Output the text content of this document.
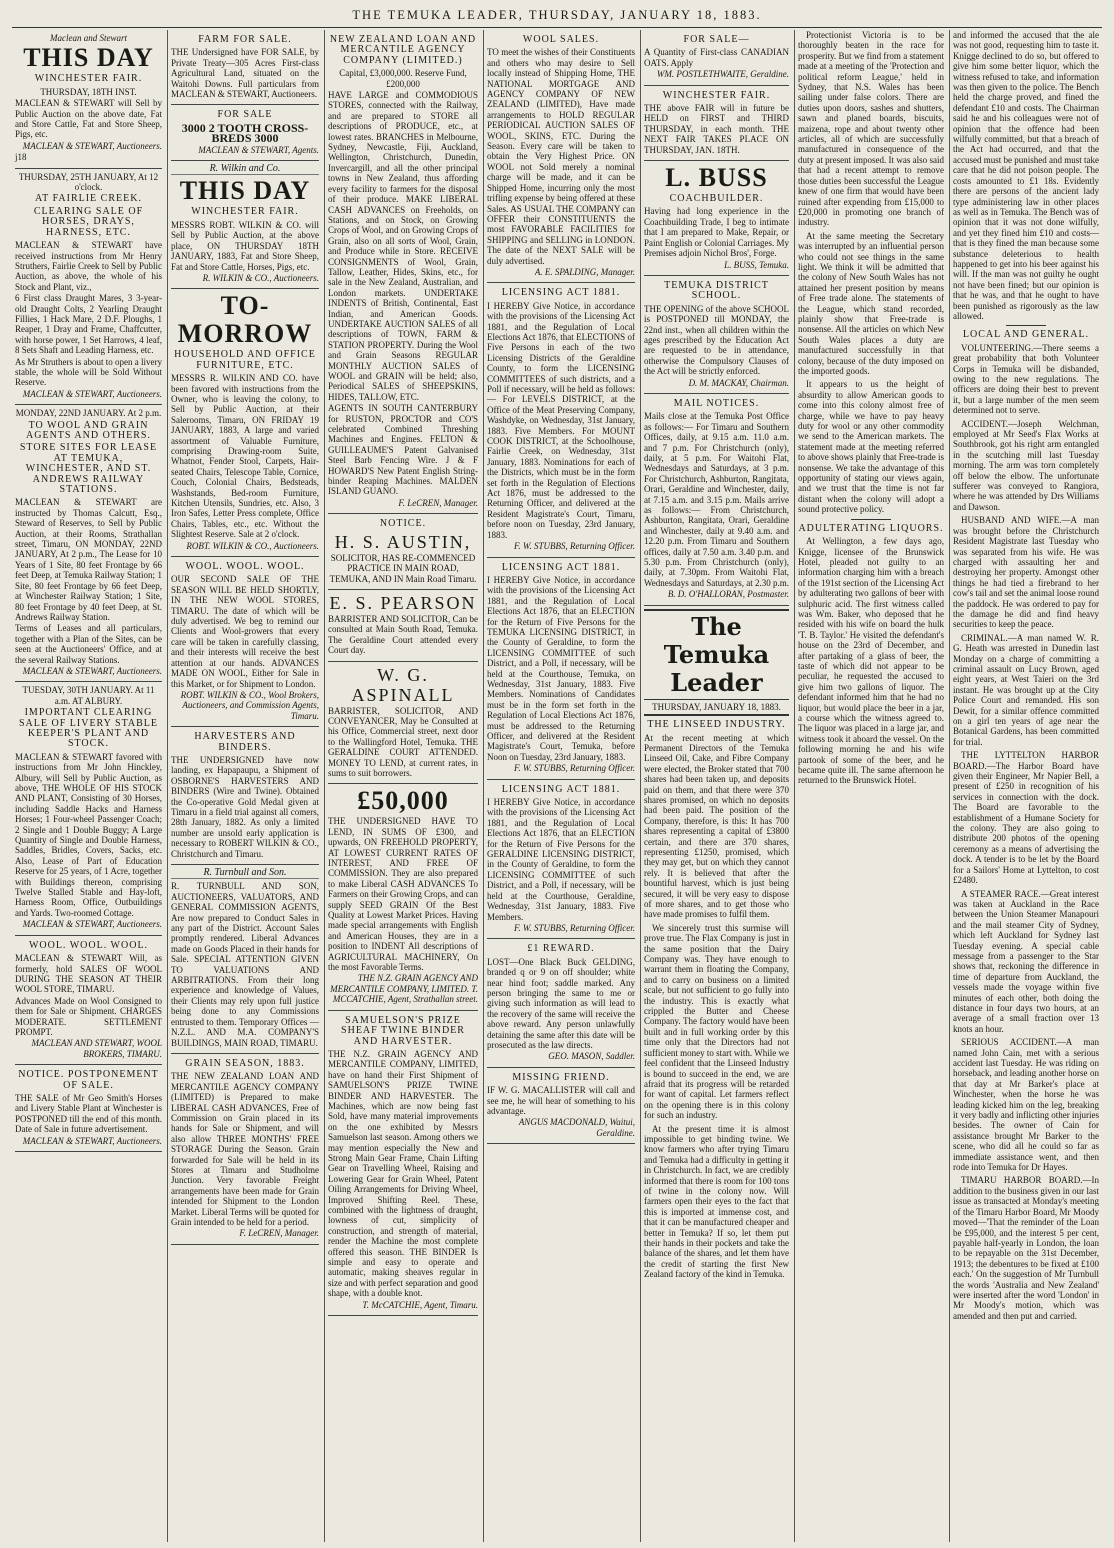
THE TEMUKA LEADER, THURSDAY, JANUARY 18, 1883.

Maclean and Stewart

THIS DAY

WINCHESTER FAIR.

THURSDAY, 18TH INST.

MACLEAN & STEWART will Sell by Public Auction on the above date, Fat and Store Cattle, Fat and Store Sheep, Pigs, etc.

MACLEAN & STEWART, Auctioneers.

j18

THURSDAY, 25TH JANUARY, At 12 o'clock.

AT FAIRLIE CREEK.

CLEARING SALE OF HORSES, DRAYS, HARNESS, ETC.

MACLEAN & STEWART have received instructions from Mr Henry Struthers, Fairlie Creek to Sell by Public Auction, as above, the whole of his Stock and Plant, viz.,

6 First class Draught Mares, 3 3-year-old Draught Colts, 2 Yearling Draught Fillies, 1 Hack Mare, 2 D.F. Ploughs, 1 Reaper, 1 Dray and Frame, Chaffcutter, with horse power, 1 Set Harrows, 4 leaf, 8 Sets Shaft and Leading Harness, etc.

As Mr Struthers is about to open a livery stable, the whole will be Sold Without Reserve.

MACLEAN & STEWART, Auctioneers.

MONDAY, 22ND JANUARY. At 2 p.m.

TO WOOL AND GRAIN AGENTS AND OTHERS.

STORE SITES FOR LEASE AT TEMUKA, WINCHESTER, AND ST. ANDREWS RAILWAY STATIONS.

MACLEAN & STEWART are instructed by Thomas Calcutt, Esq., Steward of Reserves, to Sell by Public Auction, at their Rooms, Strathallan street, Timaru, ON MONDAY, 22ND JANUARY, At 2 p.m., The Lease for 10 Years of 1 Site, 80 feet Frontage by 66 feet Deep, at Temuka Railway Station; 1 Site, 80 feet Frontage by 66 feet Deep, at Winchester Railway Station; 1 Site, 80 feet Frontage by 40 feet Deep, at St. Andrews Railway Station.

Terms of Leases and all particulars, together with a Plan of the Sites, can be seen at the Auctioneers' Office, and at the several Railway Stations.

MACLEAN & STEWART, Auctioneers.

TUESDAY, 30TH JANUARY. At 11 a.m. AT ALBURY.

IMPORTANT CLEARING SALE OF LIVERY STABLE KEEPER'S PLANT AND STOCK.

MACLEAN & STEWART favored with instructions from Mr John Hinckley, Albury, will Sell by Public Auction, as above, THE WHOLE OF HIS STOCK AND PLANT, Consisting of 30 Horses, including Saddle Hacks and Harness Horses; 1 Four-wheel Passenger Coach; 2 Single and 1 Double Buggy; A Large Quantity of Single and Double Harness, Saddles, Bridles, Covers, Sacks, etc. Also, Lease of Part of Education Reserve for 25 years, of 1 Acre, together with Buildings thereon, comprising Twelve Stalled Stable and Hay-loft, Harness Room, Office, Outbuildings and Yards. Two-roomed Cottage.

MACLEAN & STEWART, Auctioneers.

WOOL. WOOL. WOOL.

MACLEAN & STEWART Will, as formerly, hold SALES OF WOOL DURING THE SEASON AT THEIR WOOL STORE, TIMARU.

Advances Made on Wool Consigned to them for Sale or Shipment. CHARGES MODERATE. SETTLEMENT PROMPT.

MACLEAN AND STEWART, WOOL BROKERS, TIMARU.

NOTICE. POSTPONEMENT OF SALE.

THE SALE of Mr Geo Smith's Horses and Livery Stable Plant at Winchester is POSTPONED till the end of this month. Date of Sale in future advertisement.

MACLEAN & STEWART, Auctioneers.

FARM FOR SALE.

THE Undersigned have FOR SALE, by Private Treaty—305 Acres First-class Agricultural Land, situated on the Waitohi Downs. Full particulars from MACLEAN & STEWART, Auctioneers.

FOR SALE

3000 2 TOOTH CROSS-BREDS 3000

MACLEAN & STEWART, Agents.

R. Wilkin and Co.

THIS DAY

WINCHESTER FAIR.

MESSRS ROBT. WILKIN & CO. will Sell by Public Auction, at the above place, ON THURSDAY 18TH JANUARY, 1883, Fat and Store Sheep, Fat and Store Cattle, Horses, Pigs, etc.

R. WILKIN & CO., Auctioneers.

TO-MORROW

HOUSEHOLD AND OFFICE FURNITURE, ETC.

MESSRS R. WILKIN AND CO. have been favored with instructions from the Owner, who is leaving the colony, to Sell by Public Auction, at their Salerooms, Timaru, ON FRIDAY 19 JANUARY, 1883, A large and varied assortment of Valuable Furniture, comprising Drawing-room Suite, Whatnot, Fender Stool, Carpets, Hair-seated Chairs, Telescope Table, Cornice, Couch, Colonial Chairs, Bedsteads, Washstands, Bed-room Furniture, Kitchen Utensils, Sundries, etc. Also, 3 Iron Safes, Letter Press complete, Office Chairs, Tables, etc., etc. Without the Slightest Reserve. Sale at 2 o'clock.

ROBT. WILKIN & CO., Auctioneers.

WOOL. WOOL. WOOL.

OUR SECOND SALE OF THE SEASON WILL BE HELD SHORTLY, IN THE NEW WOOL STORES, TIMARU. The date of which will be duly advertised. We beg to remind our Clients and Wool-growers that every care will be taken in carefully classing, and their interests will receive the best attention at our hands. ADVANCES MADE ON WOOL, Either for Sale in this Market, or for Shipment to London.

ROBT. WILKIN & CO., Wool Brokers, Auctioneers, and Commission Agents, Timaru.

HARVESTERS AND BINDERS.

THE UNDERSIGNED have now landing, ex Hapapaupu, a Shipment of OSBORNE'S HARVESTERS AND BINDERS (Wire and Twine). Obtained the Co-operative Gold Medal given at Timaru in a field trial against all comers, 28th January, 1882. As only a limited number are unsold early application is necessary to ROBERT WILKIN & CO., Christchurch and Timaru.

R. Turnbull and Son.

R. TURNBULL AND SON, AUCTIONEERS, VALUATORS, AND GENERAL COMMISSION AGENTS, Are now prepared to Conduct Sales in any part of the District. Account Sales promptly rendered. Liberal Advances made on Goods Placed in their hands for Sale. SPECIAL ATTENTION GIVEN TO VALUATIONS AND ARBITRATIONS. From their long experience and knowledge of Values, their Clients may rely upon full justice being done to any Commissions entrusted to them. Temporary Offices — N.Z.L. AND M.A. COMPANY'S BUILDINGS, MAIN ROAD, TIMARU.

GRAIN SEASON, 1883.

THE NEW ZEALAND LOAN AND MERCANTILE AGENCY COMPANY (LIMITED) is Prepared to make LIBERAL CASH ADVANCES, Free of Commission on Grain placed in its hands for Sale or Shipment, and will also allow THREE MONTHS' FREE STORAGE During the Season. Grain forwarded for Sale will be held in its Stores at Timaru and Studholme Junction. Very favorable Freight arrangements have been made for Grain intended for Shipment to the London Market. Liberal Terms will be quoted for Grain intended to be held for a period.

F. LeCREN, Manager.

NEW ZEALAND LOAN AND MERCANTILE AGENCY COMPANY (LIMITED.)

Capital, £3,000,000. Reserve Fund, £200,000

HAVE LARGE and COMMODIOUS STORES, connected with the Railway, and are prepared to STORE all descriptions of PRODUCE, etc., at lowest rates. BRANCHES in Melbourne, Sydney, Newcastle, Fiji, Auckland, Wellington, Christchurch, Dunedin, Invercargill, and all the other principal towns in New Zealand, thus affording every facility to farmers for the disposal of their produce. MAKE LIBERAL CASH ADVANCES on Freeholds, on Stations, and on Stock, on Growing Crops of Wool, and on Growing Crops of Grain, also on all sorts of Wool, Grain, and Produce while in Store. RECEIVE CONSIGNMENTS of Wool, Grain, Tallow, Leather, Hides, Skins, etc., for sale in the New Zealand, Australian, and London markets. UNDERTAKE INDENTS of British, Continental, East Indian, and American Goods. UNDERTAKE AUCTION SALES of all descriptions of TOWN, FARM & STATION PROPERTY. During the Wool and Grain Seasons REGULAR MONTHLY AUCTION SALES of WOOL and GRAIN will be held; also, Periodical SALES of SHEEPSKINS, HIDES, TALLOW, ETC.

AGENTS IN SOUTH CANTERBURY for RUSTON, PROCTOR and CO'S celebrated Combined Threshing Machines and Engines. FELTON & GUILLEAUME'S Patent Galvanised Steel Barb Fencing Wire. J & F HOWARD'S New Patent English String-binder Reaping Machines. MALDEN ISLAND GUANO.

F. LeCREN, Manager.

NOTICE.

H. S. AUSTIN,

SOLICITOR, HAS RE-COMMENCED PRACTICE IN MAIN ROAD, TEMUKA, AND IN Main Road Timaru.

E. S. PEARSON

BARRISTER AND SOLICITOR, Can be consulted at Main South Road, Temuka. The Geraldine Court attended every Court day.

W. G. ASPINALL

BARRISTER, SOLICITOR, AND CONVEYANCER, May be Consulted at his Office, Commercial street, next door to the Wallingford Hotel, Temuka. THE GERALDINE COURT ATTENDED. MONEY TO LEND, at current rates, in sums to suit borrowers.

£50,000

THE UNDERSIGNED HAVE TO LEND, IN SUMS OF £300, and upwards, ON FREEHOLD PROPERTY, AT LOWEST CURRENT RATES OF INTEREST, AND FREE OF COMMISSION. They are also prepared to make Liberal CASH ADVANCES To Farmers on their Growing Crops, and can supply SEED GRAIN Of the Best Quality at Lowest Market Prices. Having made special arrangements with English and American Houses, they are in a position to INDENT All descriptions of AGRICULTURAL MACHINERY, On the most Favorable Terms.

THE N.Z. GRAIN AGENCY AND MERCANTILE COMPANY, LIMITED. T. MCCATCHIE, Agent, Strathallan street.

SAMUELSON'S PRIZE SHEAF TWINE BINDER AND HARVESTER.

THE N.Z. GRAIN AGENCY AND MERCANTILE COMPANY, LIMITED, have on hand their First Shipment of SAMUELSON'S PRIZE TWINE BINDER AND HARVESTER. The Machines, which are now being fast Sold, have many material improvements on the one exhibited by Messrs Samuelson last season. Among others we may mention especially the New and Strong Main Gear Frame, Chain Lifting Gear on Travelling Wheel, Raising and Lowering Gear for Grain Wheel, Patent Oiling Arrangements for Driving Wheel, Improved Shifting Reel. These, combined with the lightness of draught, lowness of cut, simplicity of construction, and strength of material, render the Machine the most complete offered this season. THE BINDER Is simple and easy to operate and automatic, making sheaves regular in size and with perfect separation and good shape, with a double knot.

T. McCATCHIE, Agent, Timaru.

WOOL SALES.

TO meet the wishes of their Constituents and others who may desire to Sell locally instead of Shipping Home, THE NATIONAL MORTGAGE AND AGENCY COMPANY OF NEW ZEALAND (LIMITED), Have made arrangements to HOLD REGULAR PERIODICAL AUCTION SALES OF WOOL, SKINS, ETC. During the Season. Every care will be taken to obtain the Very Highest Price. ON WOOL not Sold merely a nominal charge will be made, and it can be Shipped Home, incurring only the most trifling expense by being offered at these Sales. AS USUAL THE COMPANY can OFFER their CONSTITUENTS the most FAVORABLE FACILITIES for SHIPPING and SELLING in LONDON. The date of the NEXT SALE will be duly advertised.

A. E. SPALDING, Manager.

LICENSING ACT 1881.

I HEREBY Give Notice, in accordance with the provisions of the Licensing Act 1881, and the Regulation of Local Elections Act 1876, that ELECTIONS of Five Persons in each of the two Licensing Districts of the Geraldine County, to form the LICENSING COMMITTEES of such districts, and a Poll if necessary, will be held as follows:— For LEVELS DISTRICT, at the Office of the Meat Preserving Company, Washdyke, on Wednesday, 31st January, 1883. Five Members. For MOUNT COOK DISTRICT, at the Schoolhouse, Fairlie Creek, on Wednesday, 31st January, 1883. Nominations for each of the Districts, which must be in the form set forth in the Regulation of Elections Act 1876, must be addressed to the Returning Officer, and delivered at the Resident Magistrate's Court, Timaru, before noon on Tuesday, 23rd January, 1883.

F. W. STUBBS, Returning Officer.

LICENSING ACT 1881.

I HEREBY Give Notice, in accordance with the provisions of the Licensing Act 1881, and the Regulation of Local Elections Act 1876, that an ELECTION for the Return of Five Persons for the TEMUKA LICENSING DISTRICT, in the County of Geraldine, to form the LICENSING COMMITTEE of such District, and a Poll, if necessary, will be held at the Courthouse, Temuka, on Wednesday, 31st January, 1883. Five Members. Nominations of Candidates must be in the form set forth in the Regulation of Local Elections Act 1876, must be addressed to the Returning Officer, and delivered at the Resident Magistrate's Court, Temuka, before Noon on Tuesday, 23rd January, 1883.

F. W. STUBBS, Returning Officer.

LICENSING ACT 1881.

I HEREBY Give Notice, in accordance with the provisions of the Licensing Act 1881, and the Regulation of Local Elections Act 1876, that an ELECTION for the Return of Five Persons for the GERALDINE LICENSING DISTRICT, in the County of Geraldine, to form the LICENSING COMMITTEE of such District, and a Poll, if necessary, will be held at the Courthouse, Geraldine, Wednesday, 31st January, 1883. Five Members.

F. W. STUBBS, Returning Officer.

£1 REWARD.

LOST—One Black Buck GELDING, branded q or 9 on off shoulder; white near hind foot; saddle marked. Any person bringing the same to me or giving such information as will lead to the recovery of the same will receive the above reward. Any person unlawfully detaining the same after this date will be prosecuted as the law directs.

GEO. MASON, Saddler.

MISSING FRIEND.

IF W. G. MACALLISTER will call and see me, he will hear of something to his advantage.

ANGUS MACDONALD, Waitui, Geraldine.

FOR SALE—

A Quantity of First-class CANADIAN OATS. Apply

WM. POSTLETHWAITE, Geraldine.

WINCHESTER FAIR.

THE above FAIR will in future be HELD on FIRST and THIRD THURSDAY, in each month. THE NEXT FAIR TAKES PLACE ON THURSDAY, JAN. 18TH.

L. BUSS

COACHBUILDER.

Having had long experience in the Coachbuilding Trade, I beg to intimate that I am prepared to Make, Repair, or Paint English or Colonial Carriages. My Premises adjoin Nichol Bros', Forge.

L. BUSS, Temuka.

TEMUKA DISTRICT SCHOOL.

THE OPENING of the above SCHOOL is POSTPONED till MONDAY, the 22nd inst., when all children within the ages prescribed by the Education Act are requested to be in attendance, otherwise the Compulsory Clauses of the Act will be strictly enforced.

D. M. MACKAY, Chairman.

MAIL NOTICES.

Mails close at the Temuka Post Office as follows:— For Timaru and Southern Offices, daily, at 9.15 a.m. 11.0 a.m. and 7 p.m. For Christchurch (only), daily, at 5 p.m. For Waitohi Flat, Wednesdays and Saturdays, at 3 p.m. For Christchurch, Ashburton, Rangitata, Orari, Geraldine and Winchester, daily, at 7.15 a.m. and 3.15 p.m. Mails arrive as follows:— From Christchurch, Ashburton, Rangitata, Orari, Geraldine and Winchester, daily at 9.40 a.m. and 12.20 p.m. From Timaru and Southern offices, daily at 7.50 a.m. 3.40 p.m. and 5.30 p.m. From Christchurch (only), daily, at 7.30pm. From Waitohi Flat, Wednesdays and Saturdays, at 2.30 p.m.

B. D. O'HALLORAN, Postmaster.

The Temuka Leader
THURSDAY, JANUARY 18, 1883.
THE LINSEED INDUSTRY.

At the recent meeting at which Permanent Directors of the Temuka Linseed Oil, Cake, and Fibre Company were elected, the Broker stated that 700 shares had been taken up, and deposits paid on them, and that there were 370 shares promised, on which no deposits had been paid. The position of the Company, therefore, is this: It has 700 shares representing a capital of £3800 certain, and there are 370 shares, representing £1250, promised, which they may get, but on which they cannot rely. It is believed that after the bountiful harvest, which is just being secured, it will be very easy to dispose of more shares, and to get those who have made promises to fulfil them.

We sincerely trust this surmise will prove true. The Flax Company is just in the same position that the Dairy Company was. They have enough to warrant them in floating the Company, and to carry on business on a limited scale, but not sufficient to go fully into the industry. This is exactly what crippled the Butter and Cheese Company. The factory would have been built and in full working order by this time only that the Directors had not sufficient money to start with. While we feel confident that the Linseed Industry is bound to succeed in the end, we are afraid that its progress will be retarded for want of capital. Let farmers reflect on the opening there is in this colony for such an industry.

At the present time it is almost impossible to get binding twine. We know farmers who after trying Timaru and Temuka had a difficulty in getting it in Christchurch. In fact, we are credibly informed that there is room for 100 tons of twine in the colony now. Will farmers open their eyes to the fact that this is imported at immense cost, and that it can be manufactured cheaper and better in Temuka? If so, let them put their hands in their pockets and take the balance of the shares, and let them have the credit of starting the first New Zealand factory of the kind in Temuka.

Protectionist Victoria is to be thoroughly beaten in the race for prosperity. But we find from a statement made at a meeting of the 'Protection and political reform League,' held in Sydney, that N.S. Wales has been sailing under false colors. There are duties upon doors, sashes and shutters, sawn and planed boards, biscuits, maizena, rope and about twenty other articles, all of which are successfully manufactured in consequence of the duty at present imposed. It was also said that had a recent attempt to remove those duties been successful the League knew of one firm that would have been ruined after expending from £15,000 to £20,000 in promoting one branch of industry.

At the same meeting the Secretary was interrupted by an influential person who could not see things in the same light. We think it will be admitted that the colony of New South Wales has not attained her present position by means of Free trade alone. The statements of the League, which stand recorded, plainly show that Free-trade is nonsense. All the articles on which New South Wales places a duty are manufactured successfully in that colony, because of the duty imposed on the imported goods.

It appears to us the height of absurdity to allow American goods to come into this colony almost free of charge, while we have to pay heavy duty for wool or any other commodity we send to the American markets. The statement made at the meeting referred to above shows plainly that Free-trade is nonsense. We take the advantage of this opportunity of stating our views again, and we trust that the time is not far distant when the colony will adopt a sound protective policy.

ADULTERATING LIQUORS.

At Wellington, a few days ago, Knigge, licensee of the Brunswick Hotel, pleaded not guilty to an information charging him with a breach of the 191st section of the Licensing Act by adulterating two gallons of beer with sulphuric acid. The first witness called was Wm. Baker, who deposed that he resided with his wife on board the hulk 'T. B. Taylor.' He visited the defendant's house on the 23rd of December, and after partaking of a glass of beer, the taste of which did not appear to be peculiar, he requested the accused to give him two gallons of liquor. The defendant informed him that he had no liquor, but would place the beer in a jar, a course which the witness agreed to. The liquor was placed in a large jar, and witness took it aboard the vessel. On the following morning he and his wife partook of some of the beer, and he became quite ill. The same afternoon he returned to the Brunswick Hotel.

and informed the accused that the ale was not good, requesting him to taste it. Knigge declined to do so, but offered to give him some better liquor, which the witness refused to take, and information was then given to the police. The Bench held the charge proved, and fined the defendant £10 and costs. The Chairman said he and his colleagues were not of opinion that the offence had been wilfully committed, but that a breach of the Act had occurred, and that the accused must be punished and must take care that he did not poison people. The costs amounted to £1 18s. Evidently there are persons of the ancient lady type administering law in other places as well as in Temuka. The Bench was of opinion that it was not done wilfully, and yet they fined him £10 and costs—that is they fined the man because some substance deleterious to health happened to get into his beer against his will. If the man was not guilty he ought not have been fined; but our opinion is that he was, and that he ought to have been punished as rigorously as the law allowed.

LOCAL AND GENERAL.

VOLUNTEERING.—There seems a great probability that both Volunteer Corps in Temuka will be disbanded, owing to the new regulations. The officers are doing their best to prevent it, but a large number of the men seem determined not to serve.

ACCIDENT.—Joseph Welchman, employed at Mr Seed's Flax Works at Southbrook, got his right arm entangled in the scutching mill last Tuesday morning. The arm was torn completely off below the elbow. The unfortunate sufferer was conveyed to Rangiora, where he was attended by Drs Williams and Dawson.

HUSBAND AND WIFE.—A man was brought before the Christchurch Resident Magistrate last Tuesday who was separated from his wife. He was charged with assaulting her and destroying her property. Amongst other things he had tied a firebrand to her cow's tail and set the animal loose round the paddock. He was ordered to pay for the damage he did and find heavy securities to keep the peace.

CRIMINAL.—A man named W. R. G. Heath was arrested in Dunedin last Monday on a charge of committing a criminal assault on Lucy Brown, aged eight years, at West Taieri on the 3rd instant. He was brought up at the City Police Court and remanded. His son Dewit, for a similar offence committed on a girl ten years of age near the Botanical Gardens, has been committed for trial.

THE LYTTELTON HARBOR BOARD.—The Harbor Board have given their Engineer, Mr Napier Bell, a present of £250 in recognition of his services in connection with the dock. The Board are favorable to the establishment of a Humane Society for the colony. They are also going to distribute 200 photos of the opening ceremony as a means of advertising the dock. A tender is to be let by the Board for a Sailors' Home at Lyttelton, to cost £2480.

A STEAMER RACE.—Great interest was taken at Auckland in the Race between the Union Steamer Manapouri and the mail steamer City of Sydney, which left Auckland for Sydney last Tuesday evening. A special cable message from a passenger to the Star shows that, reckoning the difference in time of departure from Auckland, the vessels made the voyage within five minutes of each other, both doing the distance in four days two hours, at an average of a small fraction over 13 knots an hour.

SERIOUS ACCIDENT.—A man named John Cain, met with a serious accident last Tuesday. He was riding on horseback, and leading another horse on that day at Mr Barker's place at Winchester, when the horse he was leading kicked him on the leg, breaking it very badly and inflicting other injuries besides. The owner of Cain for assistance brought Mr Barker to the scene, who did all he could so far as immediate assistance went, and then rode into Temuka for Dr Hayes.

TIMARU HARBOR BOARD.—In addition to the business given in our last issue as transacted at Monday's meeting of the Timaru Harbor Board, Mr Moody moved—'That the reminder of the Loan be £95,000, and the interest 5 per cent, payable half-yearly in London, the loan to be repayable on the 31st December, 1913; the debentures to be fixed at £100 each.' On the suggestion of Mr Turnbull the words 'Australia and New Zealand' were inserted after the word 'London' in Mr Moody's motion, which was amended and then put and carried.
